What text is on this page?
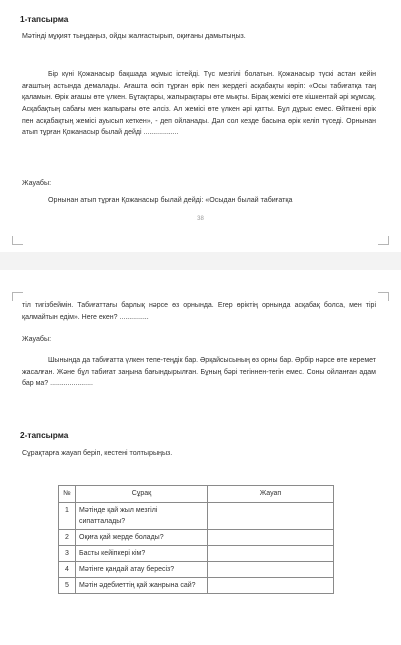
1-тапсырма
Мәтінді мұқият тыңдаңыз, ойды жалғастырып, оқиғаны дамытыңыз.

Бір күні Қожанасыр бақшада жұмыс істейді. Түс мезгілі болатын. Қожанасыр түскі астан кейін ағаштың астында демалады. Ағашта өсіп тұрған өрік пен жердегі асқабақты көріп: «Осы табиғатқа таң қаламын. Өрік ағашы өте үлкен. Бұтақтары, жапырақтары өте мықты. Бірақ жемісі өте кішкентай әрі жұмсақ. Асқабақтың сабағы мен жапырағы өте әлсіз. Ал жемісі өте үлкен әрі қатты. Бұл дұрыс емес. Өйткені өрік пен асқабақтың жемісі ауысып кеткен», - деп ойланады. Дәл сол кезде басына өрік келіп түседі. Орнынан атып тұрған Қожанасыр былай дейді ..................

Жауабы:
Орнынан атып тұрған Қожанасыр былай дейді: «Осыдан былай табиғатқа
38

тіл тигізбеймін. Табиғаттағы барлық нәрсе өз орнында. Егер өріктің орнында асқабақ болса, мен тірі қалмайтын едім». Неге екен? ...............

Жауабы:

Шынында да табиғатта үлкен тепе-теңдік бар. Әрқайсысының өз орны бар. Әрбір нәрсе өте керемет жасалған. Және бұл табиғат заңына бағындырылған. Бұның бәрі тегіннен-тегін емес. Соны ойланған адам бар ма? ......................

2-тапсырма
Сұрақтарға жауап беріп, кестені толтырыңыз.
№	Сұрақ	Жауап
1	Мәтінде қай жыл мезгілі сипатталады?	
2	Оқиға қай жерде болады?	
3	Басты кейіпкері кім?	
4	Мәтінге қандай атау бересіз?	
5	Мәтін әдебиеттің қай жанрына сай?	
